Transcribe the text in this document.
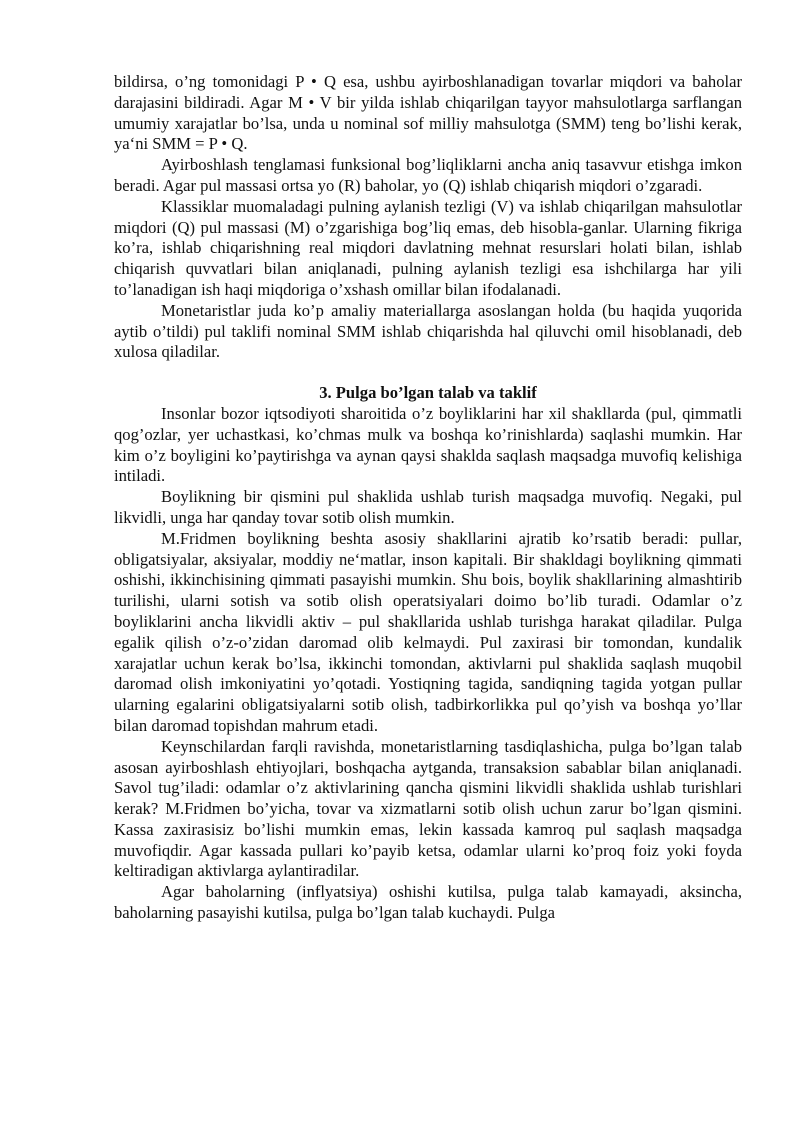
bildirsa, o’ng tomonidagi P • Q esa, ushbu ayirboshlanadigan tovarlar miqdori va baholar darajasini bildiradi. Agar M • V bir yilda ishlab chiqarilgan tayyor mahsulotlarga sarflangan umumiy xarajatlar bo’lsa, unda u nominal sof milliy mahsulotga (SMM) teng bo’lishi kerak, ya‘ni SMM = P • Q.

Ayirboshlash tenglamasi funksional bog’liqliklarni ancha aniq tasavvur etishga imkon beradi. Agar pul massasi ortsa yo (R) baholar, yo (Q) ishlab chiqarish miqdori o’zgaradi.

Klassiklar muomaladagi pulning aylanish tezligi (V) va ishlab chiqarilgan mahsulotlar miqdori (Q) pul massasi (M) o’zgarishiga bog’liq emas, deb hisobla-ganlar. Ularning fikriga ko’ra, ishlab chiqarishning real miqdori davlatning mehnat resurslari holati bilan, ishlab chiqarish quvvatlari bilan aniqlanadi, pulning aylanish tezligi esa ishchilarga har yili to’lanadigan ish haqi miqdoriga o’xshash omillar bilan ifodalanadi.

Monetaristlar juda ko’p amaliy materiallarga asoslangan holda (bu haqida yuqorida aytib o’tildi) pul taklifi nominal SMM ishlab chiqarishda hal qiluvchi omil hisoblanadi, deb xulosa qiladilar.

3. Pulga bo’lgan talab va taklif

Insonlar bozor iqtsodiyoti sharoitida o’z boyliklarini har xil shakllarda (pul, qimmatli qog’ozlar, yer uchastkasi, ko’chmas mulk va boshqa ko’rinishlarda) saqlashi mumkin. Har kim o’z boyligini ko’paytirishga va aynan qaysi shaklda saqlash maqsadga muvofiq kelishiga intiladi.

Boylikning bir qismini pul shaklida ushlab turish maqsadga muvofiq. Negaki, pul likvidli, unga har qanday tovar sotib olish mumkin.

M.Fridmen boylikning beshta asosiy shakllarini ajratib ko’rsatib beradi: pullar, obligatsiyalar, aksiyalar, moddiy ne‘matlar, inson kapitali. Bir shakldagi boylikning qimmati oshishi, ikkinchisining qimmati pasayishi mumkin. Shu bois, boylik shakllarining almashtirib turilishi, ularni sotish va sotib olish operatsiyalari doimo bo’lib turadi. Odamlar o’z boyliklarini ancha likvidli aktiv – pul shakllarida ushlab turishga harakat qiladilar. Pulga egalik qilish o’z-o’zidan daromad olib kelmaydi. Pul zaxirasi bir tomondan, kundalik xarajatlar uchun kerak bo’lsa, ikkinchi tomondan, aktivlarni pul shaklida saqlash muqobil daromad olish imkoniyatini yo’qotadi. Yostiqning tagida, sandiqning tagida yotgan pullar ularning egalarini obligatsiyalarni sotib olish, tadbirkorlikka pul qo’yish va boshqa yo’llar bilan daromad topishdan mahrum etadi.

Keynschilardan farqli ravishda, monetaristlarning tasdiqlashicha, pulga bo’lgan talab asosan ayirboshlash ehtiyojlari, boshqacha aytganda, transaksion sabablar bilan aniqlanadi. Savol tug’iladi: odamlar o’z aktivlarining qancha qismini likvidli shaklida ushlab turishlari kerak? M.Fridmen bo’yicha, tovar va xizmatlarni sotib olish uchun zarur bo’lgan qismini. Kassa zaxirasisiz bo’lishi mumkin emas, lekin kassada kamroq pul saqlash maqsadga muvofiqdir. Agar kassada pullari ko’payib ketsa, odamlar ularni ko’proq foiz yoki foyda keltiradigan aktivlarga aylantiradilar.

Agar baholarning (inflyatsiya) oshishi kutilsa, pulga talab kamayadi, aksincha, baholarning pasayishi kutilsa, pulga bo’lgan talab kuchaydi. Pulga
